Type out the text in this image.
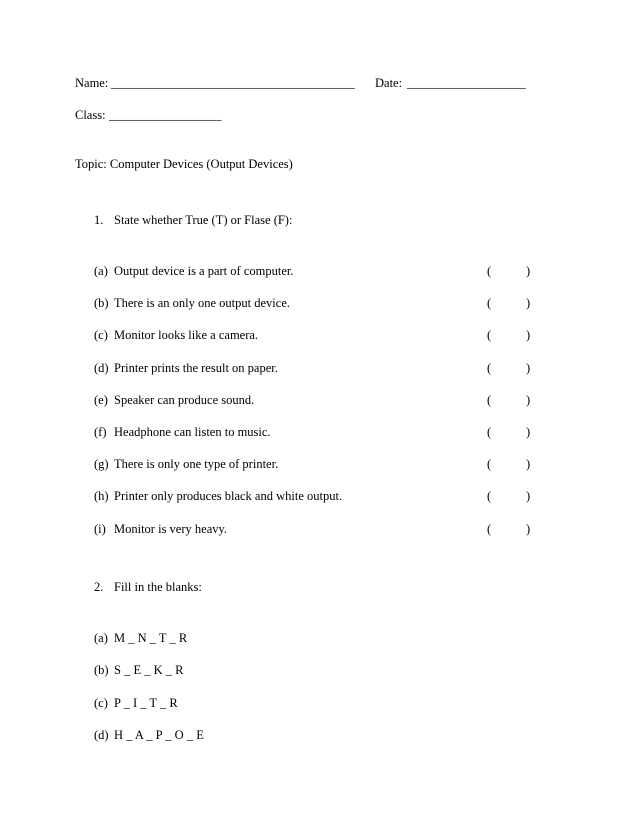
Name: _______________________________________ Date: ___________________
Class: __________________
Topic: Computer Devices (Output Devices)
1. State whether True (T) or Flase (F):
(a) Output device is a part of computer.	(	)
(b) There is an only one output device.	(	)
(c) Monitor looks like a camera.	(	)
(d) Printer prints the result on paper.	(	)
(e) Speaker can produce sound.	(	)
(f) Headphone can listen to music.	(	)
(g) There is only one type of printer.	(	)
(h) Printer only produces black and white output.	(	)
(i) Monitor is very heavy.	(	)
2. Fill in the blanks:
(a) M _ N _ T _ R
(b) S _ E _ K _ R
(c) P _ I _ T _ R
(d) H _ A _ P _ O _ E
